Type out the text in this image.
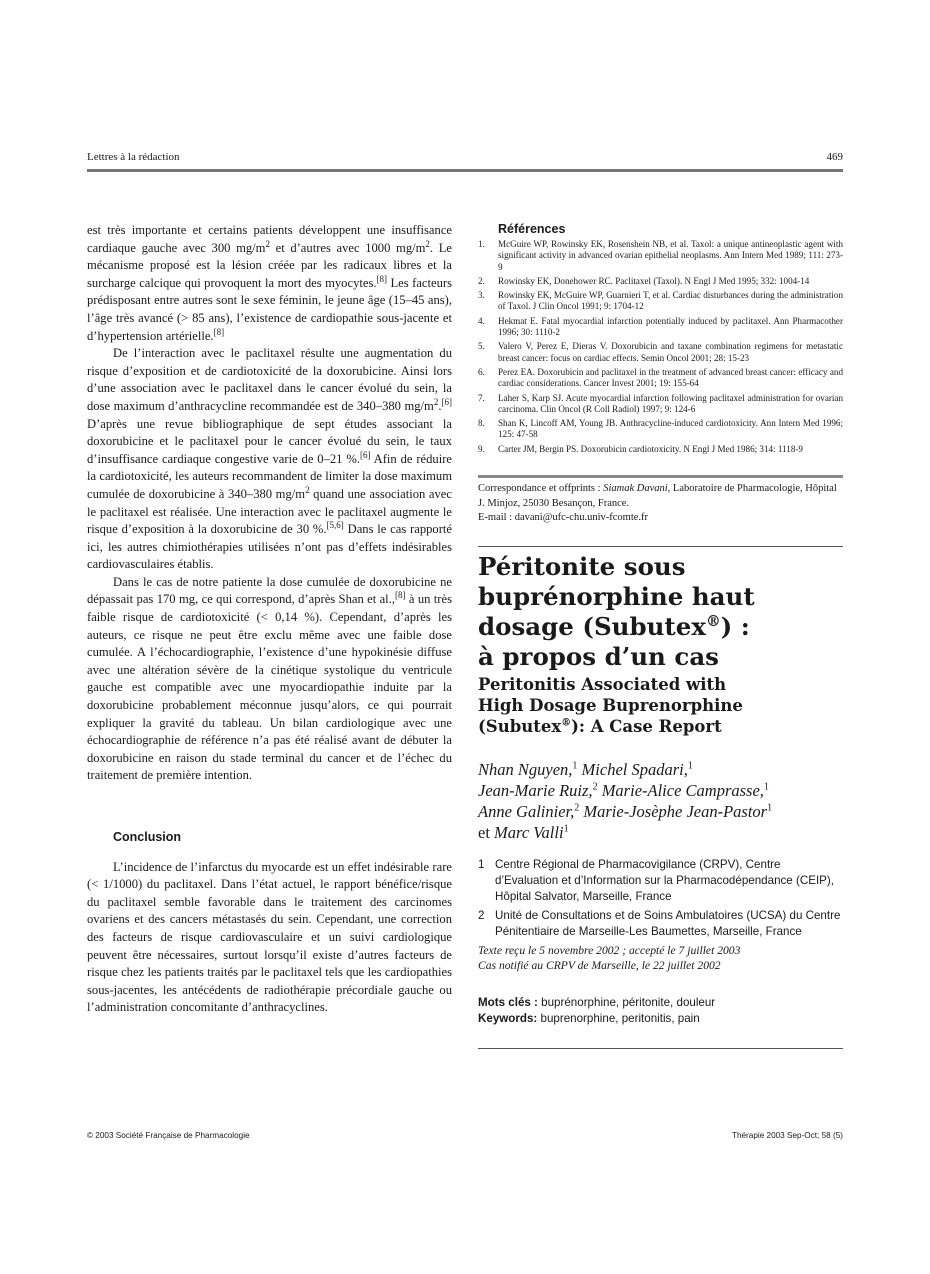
Lettres à la rédaction	469

est très importante et certains patients développent une insuffisance cardiaque gauche avec 300 $mg/m^2$ et d’autres avec 1000 $mg/m^2$. Le mécanisme proposé est la lésion créée par les radicaux libres et la surcharge calcique qui provoquent la mort des myocytes.[8] Les facteurs prédisposant entre autres sont le sexe féminin, le jeune âge (15–45 ans), l’âge très avancé (> 85 ans), l’existence de cardiopathie sous-jacente et d’hypertension artérielle.[8]

De l’interaction avec le paclitaxel résulte une augmentation du risque d’exposition et de cardiotoxicité de la doxorubicine. Ainsi lors d’une association avec le paclitaxel dans le cancer évolué du sein, la dose maximum d’anthracycline recommandée est de 340–380 $mg/m^2.[6]$ D’après une revue bibliographique de sept études associant la doxorubicine et le paclitaxel pour le cancer évolué du sein, le taux d’insuffisance cardiaque congestive varie de 0–21 %.[6] Afin de réduire la cardiotoxicité, les auteurs recommandent de limiter la dose maximum cumulée de doxorubicine à 340–380 $mg/m^2$ quand une association avec le paclitaxel est réalisée. Une interaction avec le paclitaxel augmente le risque d’exposition à la doxorubicine de 30 %.[5,6] Dans le cas rapporté ici, les autres chimiothérapies utilisées n’ont pas d’effets indésirables cardiovasculaires établis.

Dans le cas de notre patiente la dose cumulée de doxorubicine ne dépassait pas 170 mg, ce qui correspond, d’après Shan et al.,[8] à un très faible risque de cardiotoxicité (< 0,14 %). Cependant, d’après les auteurs, ce risque ne peut être exclu même avec une faible dose cumulée. A l’échocardiographie, l’existence d’une hypokinésie diffuse avec une altération sévère de la cinétique systolique du ventricule gauche est compatible avec une myocardiopathie induite par la doxorubicine probablement méconnue jusqu’alors, ce qui pourrait expliquer la gravité du tableau. Un bilan cardiologique avec une échocardiographie de référence n’a pas été réalisé avant de débuter la doxorubicine en raison du stade terminal du cancer et de l’échec du traitement de première intention.

Conclusion

L’incidence de l’infarctus du myocarde est un effet indésirable rare (< 1/1000) du paclitaxel. Dans l’état actuel, le rapport bénéfice/risque du paclitaxel semble favorable dans le traitement des carcinomes ovariens et des cancers métastasés du sein. Cependant, une correction des facteurs de risque cardiovasculaire et un suivi cardiologique peuvent être nécessaires, surtout lorsqu’il existe d’autres facteurs de risque chez les patients traités par le paclitaxel tels que les cardiopathies sous-jacentes, les antécédents de radiothérapie précordiale gauche ou l’administration concomitante d’anthracyclines.

Références
1. McGuire WP, Rowinsky EK, Rosenshein NB, et al. Taxol: a unique antineoplastic agent with significant activity in advanced ovarian epithelial neoplasms. Ann Intern Med 1989; 111: 273-9
2. Rowinsky EK, Donehower RC. Paclitaxel (Taxol). N Engl J Med 1995; 332: 1004-14
3. Rowinsky EK, McGuire WP, Guarnieri T, et al. Cardiac disturbances during the administration of Taxol. J Clin Oncol 1991; 9: 1704-12
4. Hekmat E. Fatal myocardial infarction potentially induced by paclitaxel. Ann Pharmacother 1996; 30: 1110-2
5. Valero V, Perez E, Dieras V. Doxorubicin and taxane combination regimens for metastatic breast cancer: focus on cardiac effects. Semin Oncol 2001; 28: 15-23
6. Perez EA. Doxorubicin and paclitaxel in the treatment of advanced breast cancer: efficacy and cardiac considerations. Cancer Invest 2001; 19: 155-64
7. Laher S, Karp SJ. Acute myocardial infarction following paclitaxel administration for ovarian carcinoma. Clin Oncol (R Coll Radiol) 1997; 9: 124-6
8. Shan K, Lincoff AM, Young JB. Anthracycline-induced cardiotoxicity. Ann Intern Med 1996; 125: 47-58
9. Carter JM, Bergin PS. Doxorubicin cardiotoxicity. N Engl J Med 1986; 314: 1118-9
Correspondance et offprints : Siamak Davani, Laboratoire de Pharmacologie, Hôpital J. Minjoz, 25030 Besançon, France.
E-mail : davani@ufc-chu.univ-fcomte.fr
Péritonite sous
buprénorphine haut
dosage (Subutex®) :
à propos d’un cas
Peritonitis Associated with
High Dosage Buprenorphine
(Subutex®): A Case Report
Nhan Nguyen,$^1$ Michel Spadari,$^1$
Jean-Marie Ruiz,$^2$ Marie-Alice Camprasse,$^1$
Anne Galinier,$^2$ Marie-Josèphe Jean-Pastor$^1$
et Marc Valli$^1$
1 Centre Régional de Pharmacovigilance (CRPV), Centre d’Evaluation et d’Information sur la Pharmacodépendance (CEIP), Hôpital Salvator, Marseille, France
2 Unité de Consultations et de Soins Ambulatoires (UCSA) du Centre Pénitentiaire de Marseille-Les Baumettes, Marseille, France
Texte reçu le 5 novembre 2002 ; accepté le 7 juillet 2003
Cas notifié au CRPV de Marseille, le 22 juillet 2002
Mots clés : buprénorphine, péritonite, douleur
Keywords: buprenorphine, peritonitis, pain
© 2003 Société Française de Pharmacologie	Thérapie 2003 Sep-Oct; 58 (5)
